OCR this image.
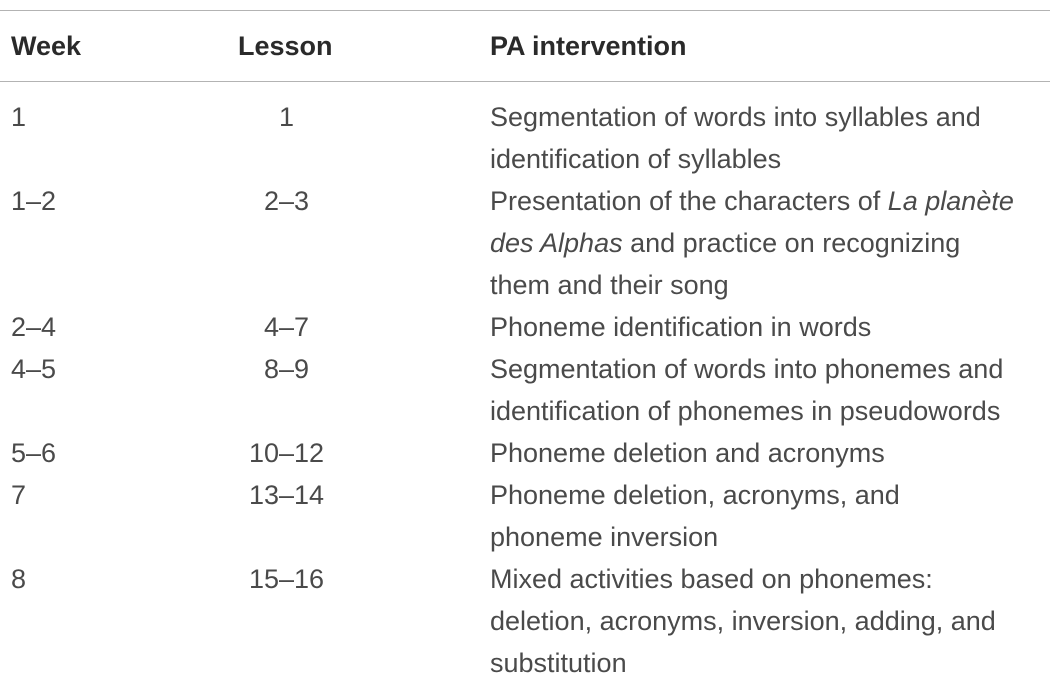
Week	Lesson	PA intervention
1	1	Segmentation of words into syllables and
identification of syllables
1–2	2–3	Presentation of the characters of La planète
des Alphas and practice on recognizing
them and their song
2–4	4–7	Phoneme identification in words
4–5	8–9	Segmentation of words into phonemes and
identification of phonemes in pseudowords
5–6	10–12	Phoneme deletion and acronyms
7	13–14	Phoneme deletion, acronyms, and
phoneme inversion
8	15–16	Mixed activities based on phonemes:
deletion, acronyms, inversion, adding, and
substitution
